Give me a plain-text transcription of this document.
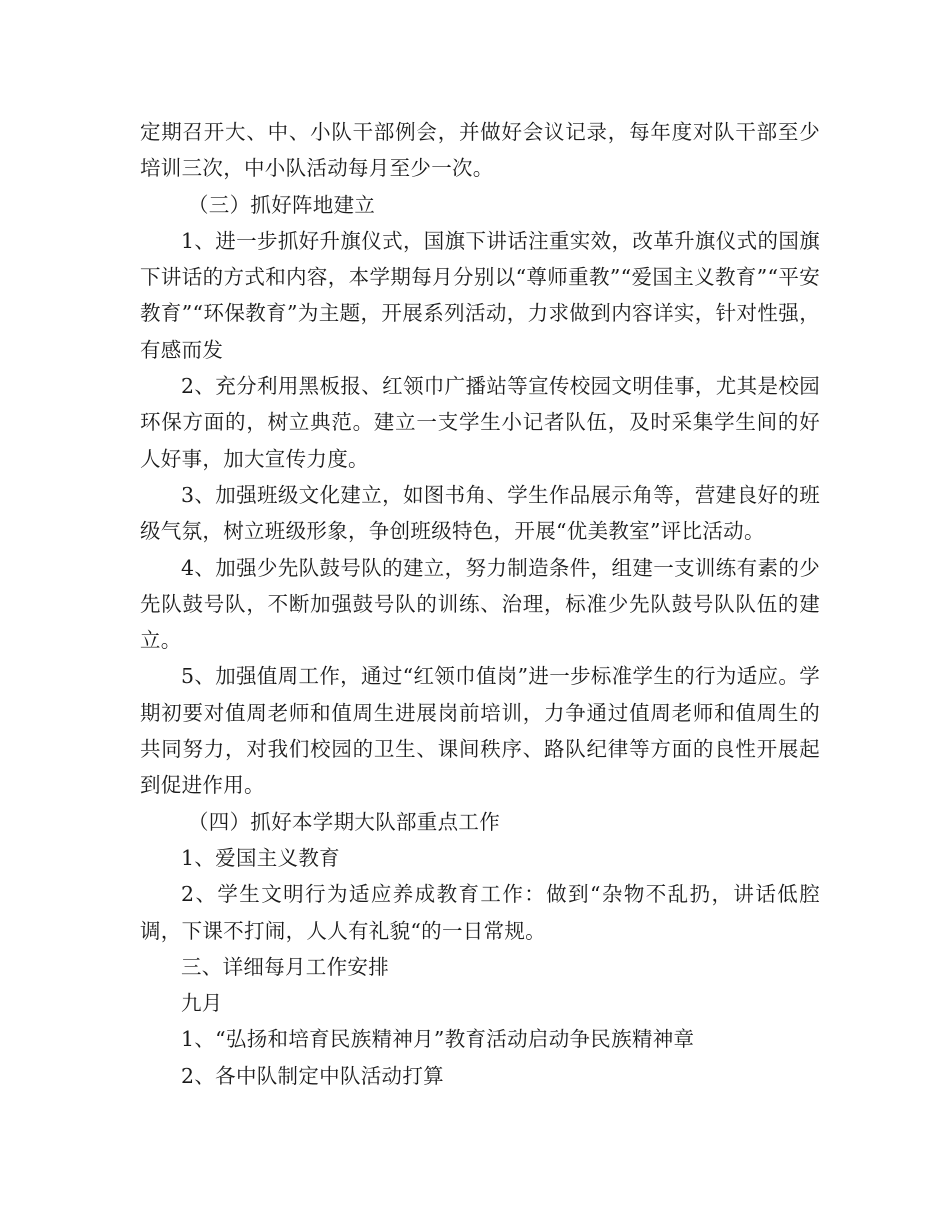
定期召开大、中、小队干部例会，并做好会议记录，每年度对队干部至少培训三次，中小队活动每月至少一次。

（三）抓好阵地建立

1、进一步抓好升旗仪式，国旗下讲话注重实效，改革升旗仪式的国旗下讲话的方式和内容，本学期每月分别以“尊师重教”“爱国主义教育”“平安教育”“环保教育”为主题，开展系列活动，力求做到内容详实，针对性强，有感而发

2、充分利用黑板报、红领巾广播站等宣传校园文明佳事，尤其是校园环保方面的，树立典范。建立一支学生小记者队伍，及时采集学生间的好人好事，加大宣传力度。

3、加强班级文化建立，如图书角、学生作品展示角等，营建良好的班级气氛，树立班级形象，争创班级特色，开展“优美教室”评比活动。

4、加强少先队鼓号队的建立，努力制造条件，组建一支训练有素的少先队鼓号队，不断加强鼓号队的训练、治理，标准少先队鼓号队队伍的建立。

5、加强值周工作，通过“红领巾值岗”进一步标准学生的行为适应。学期初要对值周老师和值周生进展岗前培训，力争通过值周老师和值周生的共同努力，对我们校园的卫生、课间秩序、路队纪律等方面的良性开展起到促进作用。

（四）抓好本学期大队部重点工作

1、爱国主义教育

2、学生文明行为适应养成教育工作：做到“杂物不乱扔，讲话低腔调，下课不打闹，人人有礼貌“的一日常规。

三、详细每月工作安排

九月

1、“弘扬和培育民族精神月”教育活动启动争民族精神章

2、各中队制定中队活动打算
